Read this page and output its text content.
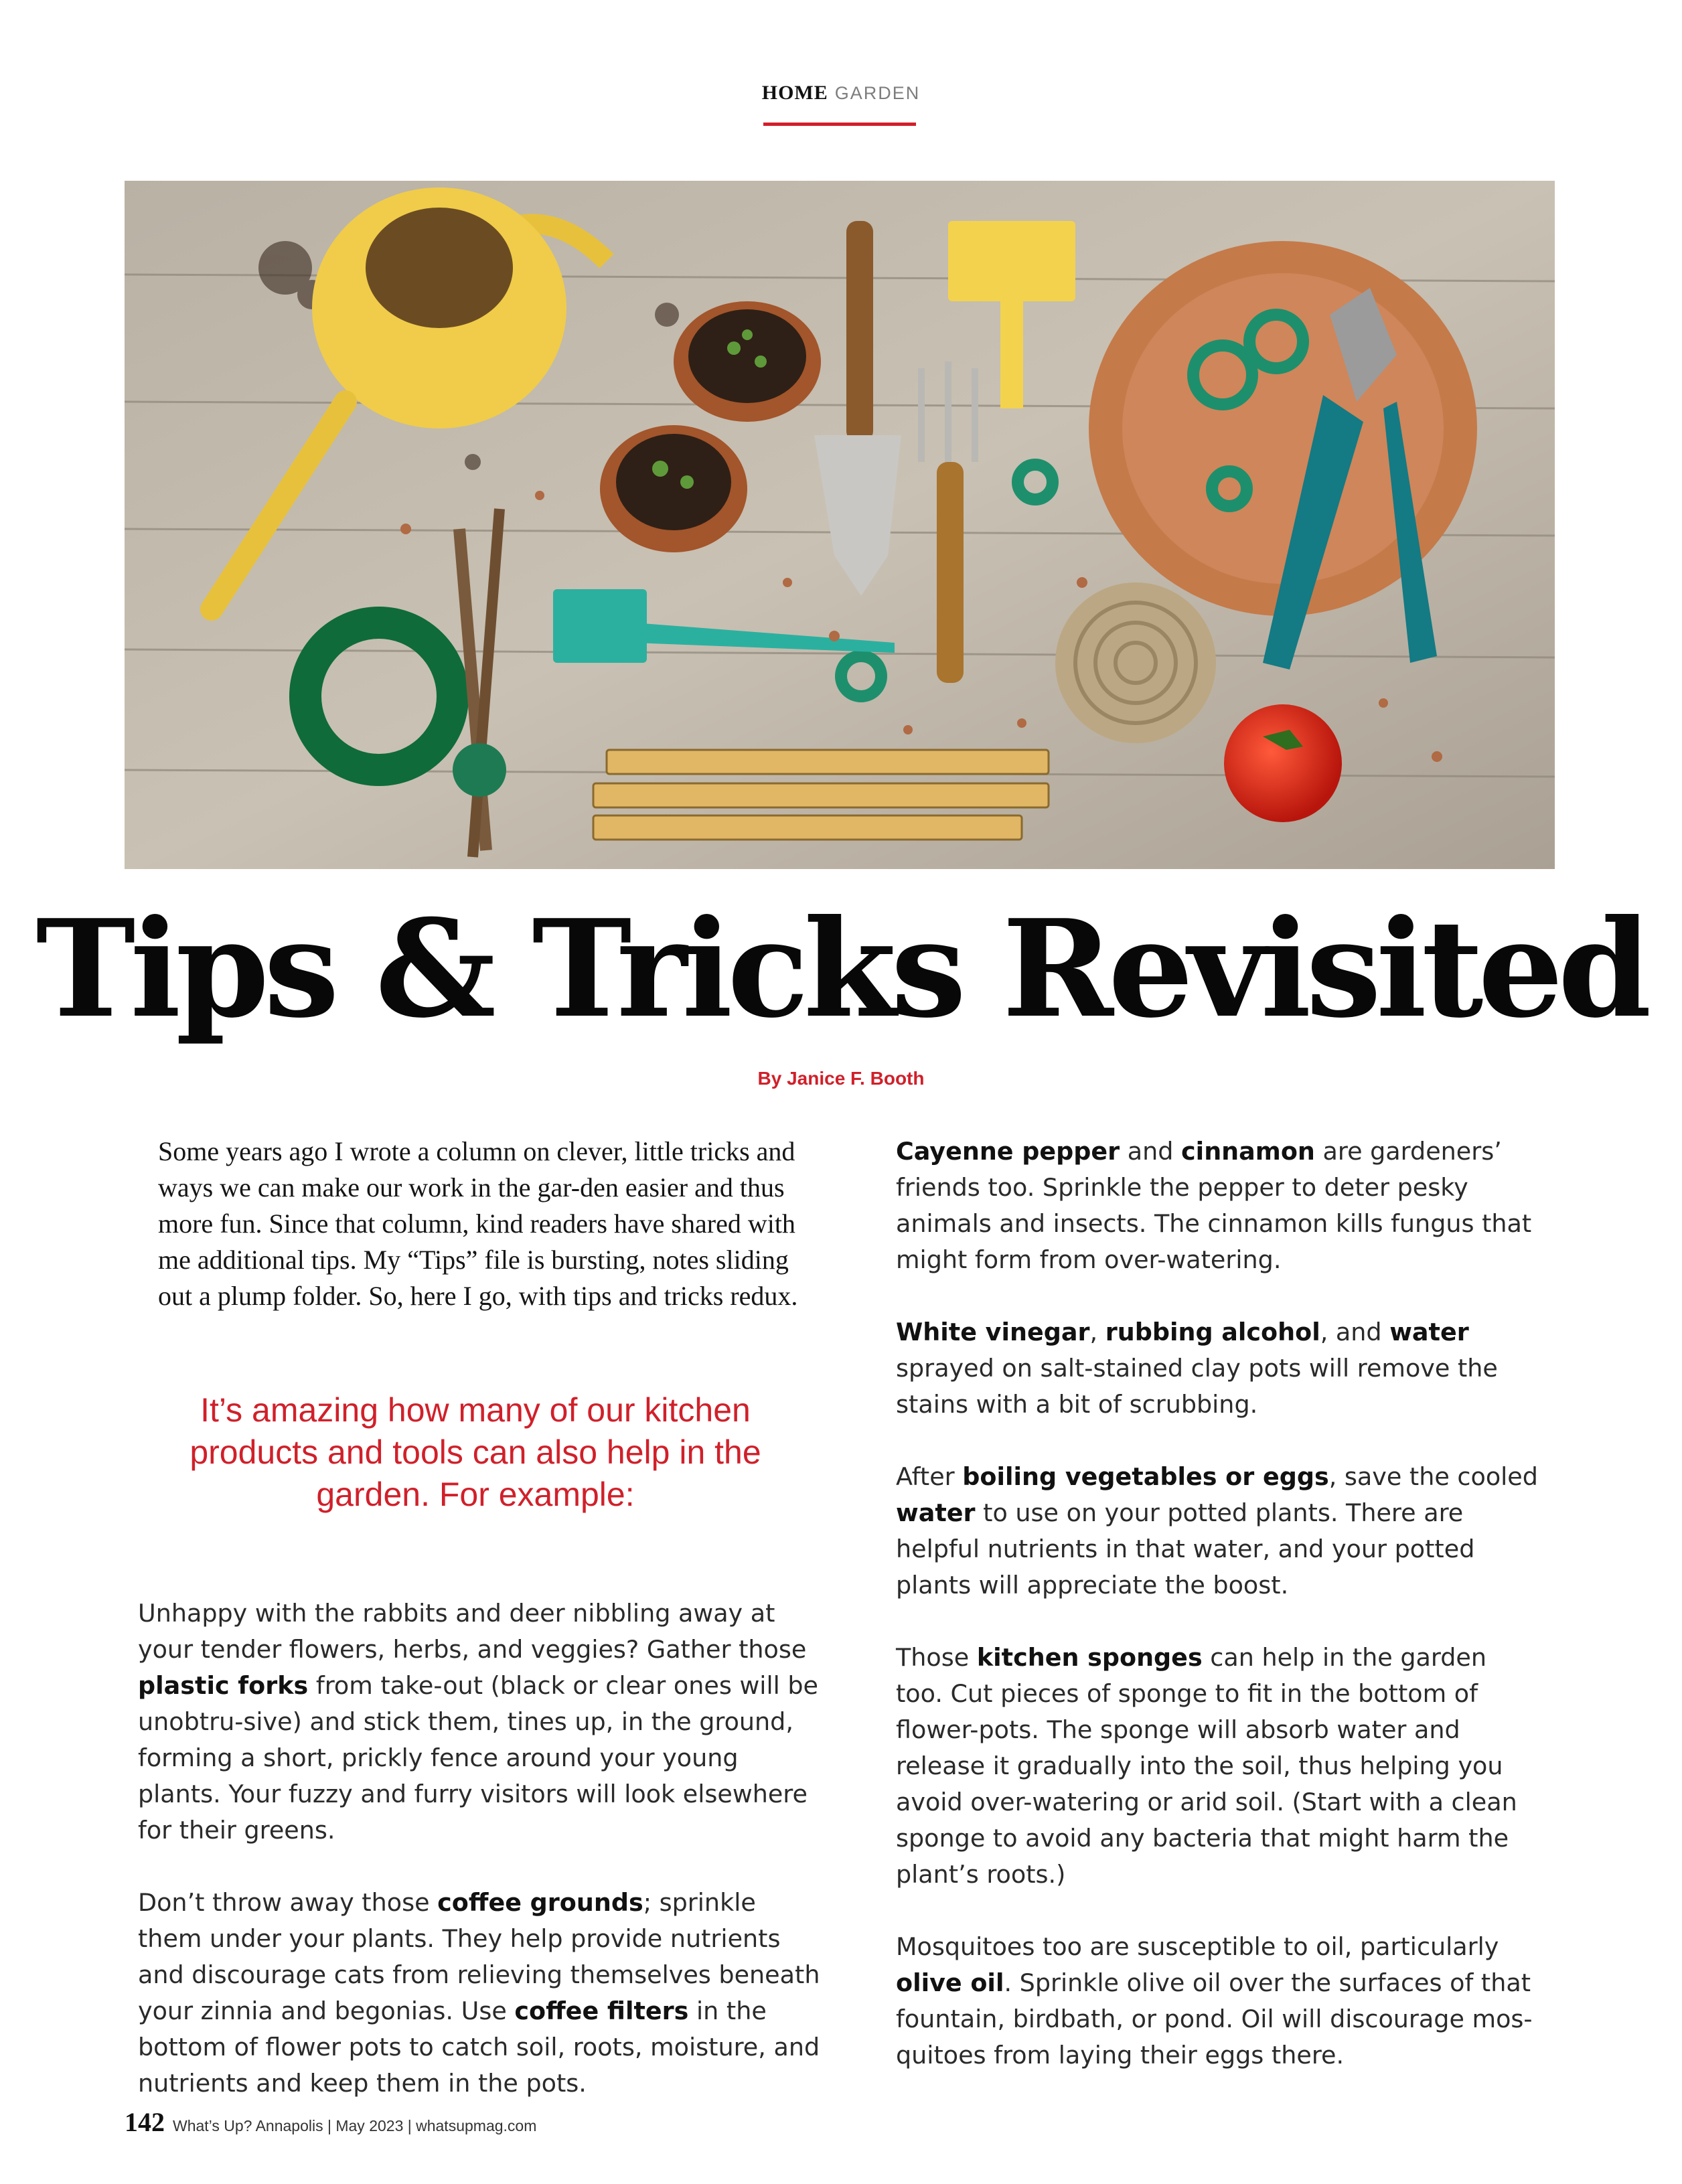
HOME GARDEN
Tips & Tricks Revisited
By Janice F. Booth
Some years ago I wrote a column on clever, little tricks and ways we can make our work in the gar-den easier and thus more fun. Since that column, kind readers have shared with me additional tips. My “Tips” file is bursting, notes sliding out a plump folder. So, here I go, with tips and tricks redux.
It’s amazing how many of our kitchen products and tools can also help in the garden. For example:

Unhappy with the rabbits and deer nibbling away at your tender flowers, herbs, and veggies? Gather those plastic forks from take-out (black or clear ones will be unobtru-sive) and stick them, tines up, in the ground, forming a short, prickly fence around your young plants. Your fuzzy and furry visitors will look elsewhere for their greens.

Don’t throw away those coffee grounds; sprinkle them under your plants. They help provide nutrients and discourage cats from relieving themselves beneath your zinnia and begonias. Use coffee filters in the bottom of flower pots to catch soil, roots, moisture, and nutrients and keep them in the pots.

Cayenne pepper and cinnamon are gardeners’ friends too. Sprinkle the pepper to deter pesky animals and insects. The cinnamon kills fungus that might form from over-watering.

White vinegar, rubbing alcohol, and water sprayed on salt-stained clay pots will remove the stains with a bit of scrubbing.

After boiling vegetables or eggs, save the cooled water to use on your potted plants. There are helpful nutrients in that water, and your potted plants will appreciate the boost.

Those kitchen sponges can help in the garden too. Cut pieces of sponge to fit in the bottom of flower-pots. The sponge will absorb water and release it gradually into the soil, thus helping you avoid over-watering or arid soil. (Start with a clean sponge to avoid any bacteria that might harm the plant’s roots.)

Mosquitoes too are susceptible to oil, particularly olive oil. Sprinkle olive oil over the surfaces of that fountain, birdbath, or pond. Oil will discourage mos-quitoes from laying their eggs there.

142 What’s Up? Annapolis | May 2023 | whatsupmag.com
